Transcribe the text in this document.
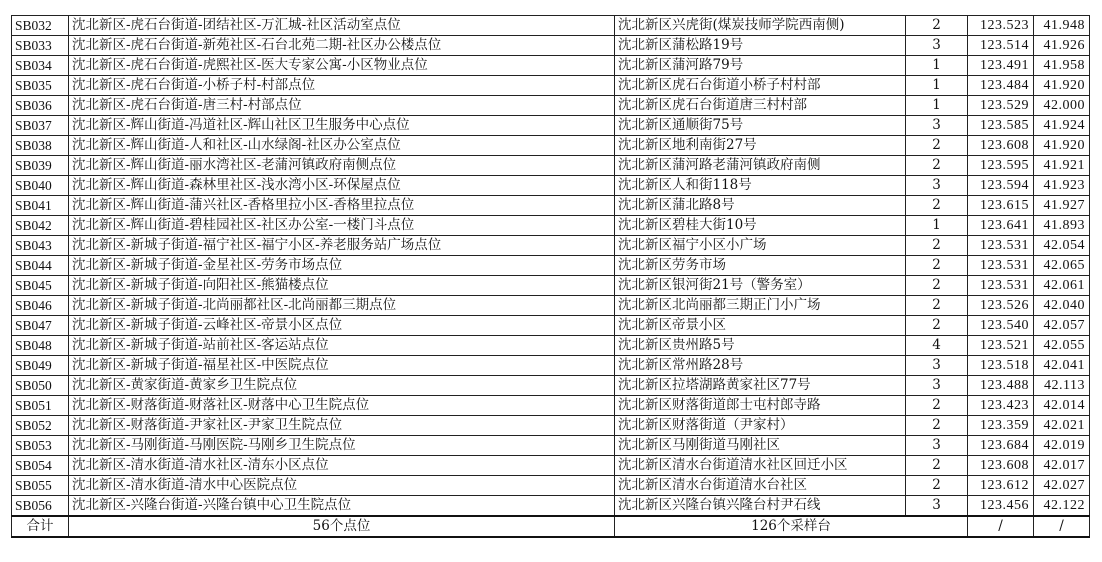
SB032	沈北新区-虎石台街道-团结社区-万汇城-社区活动室点位	沈北新区兴虎街(煤炭技师学院西南侧)	2	123.523	41.948
SB033	沈北新区-虎石台街道-新苑社区-石台北苑二期-社区办公楼点位	沈北新区蒲松路19号	3	123.514	41.926
SB034	沈北新区-虎石台街道-虎熙社区-医大专家公寓-小区物业点位	沈北新区蒲河路79号	1	123.491	41.958
SB035	沈北新区-虎石台街道-小桥子村-村部点位	沈北新区虎石台街道小桥子村村部	1	123.484	41.920
SB036	沈北新区-虎石台街道-唐三村-村部点位	沈北新区虎石台街道唐三村村部	1	123.529	42.000
SB037	沈北新区-辉山街道-冯道社区-辉山社区卫生服务中心点位	沈北新区通顺街75号	3	123.585	41.924
SB038	沈北新区-辉山街道-人和社区-山水绿阁-社区办公室点位	沈北新区地利南街27号	2	123.608	41.920
SB039	沈北新区-辉山街道-丽水湾社区-老蒲河镇政府南侧点位	沈北新区蒲河路老蒲河镇政府南侧	2	123.595	41.921
SB040	沈北新区-辉山街道-森林里社区-浅水湾小区-环保屋点位	沈北新区人和街118号	3	123.594	41.923
SB041	沈北新区-辉山街道-蒲兴社区-香格里拉小区-香格里拉点位	沈北新区蒲北路8号	2	123.615	41.927
SB042	沈北新区-辉山街道-碧桂园社区-社区办公室-一楼门斗点位	沈北新区碧桂大街10号	1	123.641	41.893
SB043	沈北新区-新城子街道-福宁社区-福宁小区-养老服务站广场点位	沈北新区福宁小区小广场	2	123.531	42.054
SB044	沈北新区-新城子街道-金星社区-劳务市场点位	沈北新区劳务市场	2	123.531	42.065
SB045	沈北新区-新城子街道-向阳社区-熊猫楼点位	沈北新区银河街21号（警务室）	2	123.531	42.061
SB046	沈北新区-新城子街道-北尚丽都社区-北尚丽都三期点位	沈北新区北尚丽都三期正门小广场	2	123.526	42.040
SB047	沈北新区-新城子街道-云峰社区-帝景小区点位	沈北新区帝景小区	2	123.540	42.057
SB048	沈北新区-新城子街道-站前社区-客运站点位	沈北新区贵州路5号	4	123.521	42.055
SB049	沈北新区-新城子街道-福星社区-中医院点位	沈北新区常州路28号	3	123.518	42.041
SB050	沈北新区-黄家街道-黄家乡卫生院点位	沈北新区拉塔湖路黄家社区77号	3	123.488	42.113
SB051	沈北新区-财落街道-财落社区-财落中心卫生院点位	沈北新区财落街道郎士屯村郎寺路	2	123.423	42.014
SB052	沈北新区-财落街道-尹家社区-尹家卫生院点位	沈北新区财落街道（尹家村）	2	123.359	42.021
SB053	沈北新区-马刚街道-马刚医院-马刚乡卫生院点位	沈北新区马刚街道马刚社区	3	123.684	42.019
SB054	沈北新区-清水街道-清水社区-清东小区点位	沈北新区清水台街道清水社区回迁小区	2	123.608	42.017
SB055	沈北新区-清水街道-清水中心医院点位	沈北新区清水台街道清水台社区	2	123.612	42.027
SB056	沈北新区-兴隆台街道-兴隆台镇中心卫生院点位	沈北新区兴隆台镇兴隆台村尹石线	3	123.456	42.122
合计	56个点位	126个采样台		/	/
